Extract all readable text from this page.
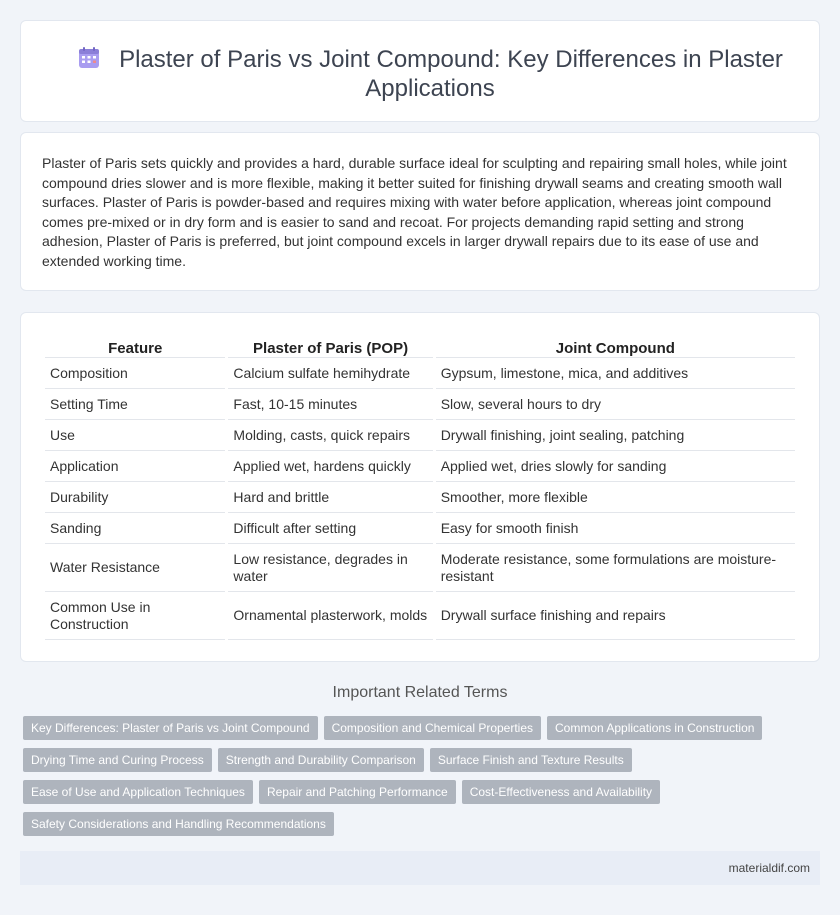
Plaster of Paris vs Joint Compound: Key Differences in Plaster Applications

Plaster of Paris sets quickly and provides a hard, durable surface ideal for sculpting and repairing small holes, while joint compound dries slower and is more flexible, making it better suited for finishing drywall seams and creating smooth wall surfaces. Plaster of Paris is powder-based and requires mixing with water before application, whereas joint compound comes pre-mixed or in dry form and is easier to sand and recoat. For projects demanding rapid setting and strong adhesion, Plaster of Paris is preferred, but joint compound excels in larger drywall repairs due to its ease of use and extended working time.

Feature	Plaster of Paris (POP)	Joint Compound
Composition	Calcium sulfate hemihydrate	Gypsum, limestone, mica, and additives
Setting Time	Fast, 10-15 minutes	Slow, several hours to dry
Use	Molding, casts, quick repairs	Drywall finishing, joint sealing, patching
Application	Applied wet, hardens quickly	Applied wet, dries slowly for sanding
Durability	Hard and brittle	Smoother, more flexible
Sanding	Difficult after setting	Easy for smooth finish
Water Resistance	Low resistance, degrades in water	Moderate resistance, some formulations are moisture-resistant
Common Use in Construction	Ornamental plasterwork, molds	Drywall surface finishing and repairs
Important Related Terms
Key Differences: Plaster of Paris vs Joint Compound Composition and Chemical Properties Common Applications in Construction
Drying Time and Curing Process Strength and Durability Comparison Surface Finish and Texture Results
Ease of Use and Application Techniques Repair and Patching Performance Cost-Effectiveness and Availability
Safety Considerations and Handling Recommendations
materialdif.com
